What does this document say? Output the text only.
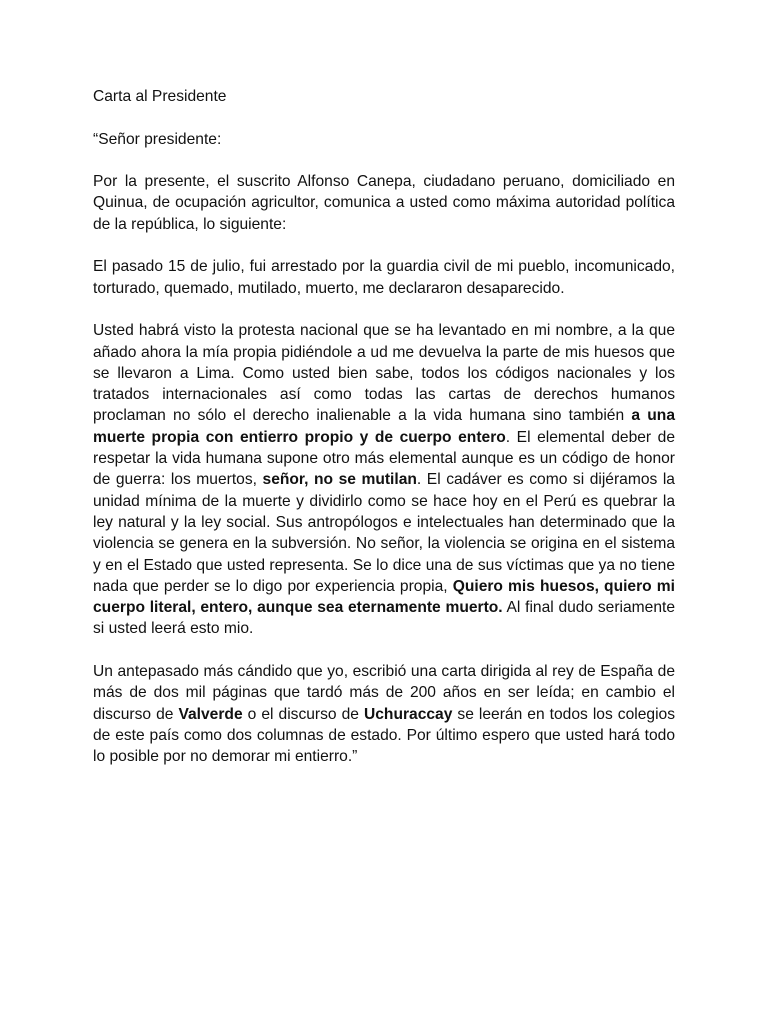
Carta al Presidente

“Señor presidente:

Por la presente, el suscrito Alfonso Canepa, ciudadano peruano, domiciliado en Quinua, de ocupación agricultor, comunica a usted como máxima autoridad política de la república, lo siguiente:

El pasado 15 de julio, fui arrestado por la guardia civil de mi pueblo, incomunicado, torturado, quemado, mutilado, muerto, me declararon desaparecido.

Usted habrá visto la protesta nacional que se ha levantado en mi nombre, a la que añado ahora la mía propia pidiéndole a ud me devuelva la parte de mis huesos que se llevaron a Lima. Como usted bien sabe, todos los códigos nacionales y los tratados internacionales así como todas las cartas de derechos humanos proclaman no sólo el derecho inalienable a la vida humana sino también a una muerte propia con entierro propio y de cuerpo entero. El elemental deber de respetar la vida humana supone otro más elemental aunque es un código de honor de guerra: los muertos, señor, no se mutilan. El cadáver es como si dijéramos la unidad mínima de la muerte y dividirlo como se hace hoy en el Perú es quebrar la ley natural y la ley social. Sus antropólogos e intelectuales han determinado que la violencia se genera en la subversión. No señor, la violencia se origina en el sistema y en el Estado que usted representa. Se lo dice una de sus víctimas que ya no tiene nada que perder se lo digo por experiencia propia, Quiero mis huesos, quiero mi cuerpo literal, entero, aunque sea eternamente muerto. Al final dudo seriamente si usted leerá esto mio.

Un antepasado más cándido que yo, escribió una carta dirigida al rey de España de más de dos mil páginas que tardó más de 200 años en ser leída; en cambio el discurso de Valverde o el discurso de Uchuraccay se leerán en todos los colegios de este país como dos columnas de estado. Por último espero que usted hará todo lo posible por no demorar mi entierro.”
